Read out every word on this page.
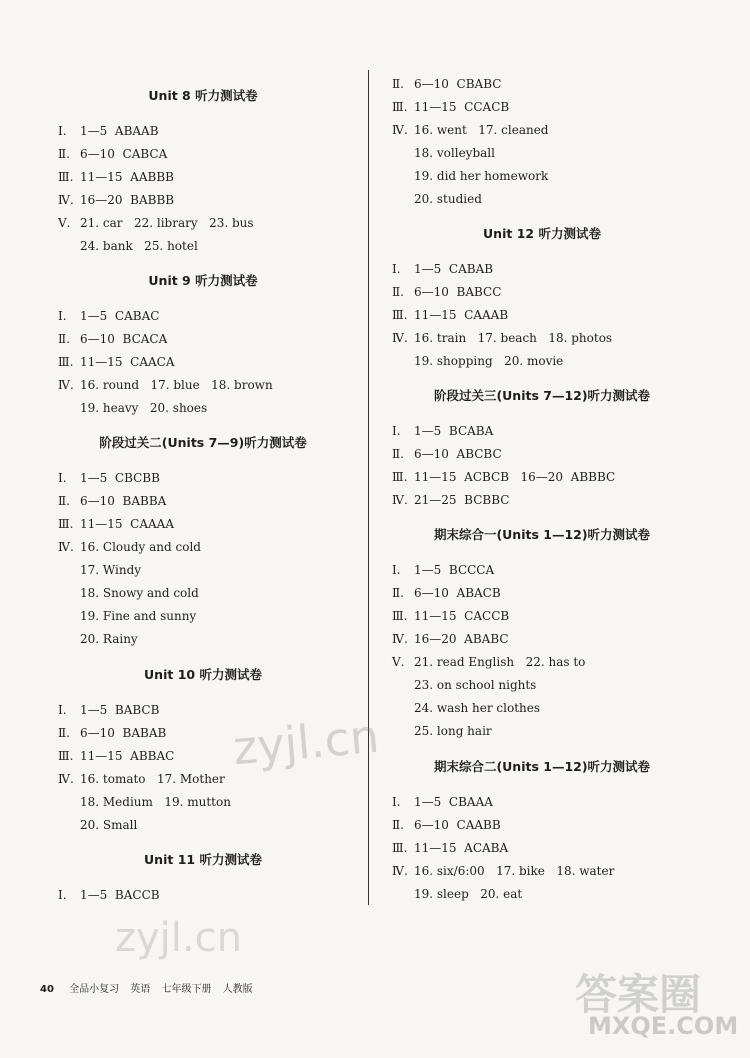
Unit 8 听力测试卷
Ⅰ. 1—5  ABAAB
Ⅱ. 6—10  CABCA
Ⅲ. 11—15  AABBB
Ⅳ. 16—20  BABBB
Ⅴ. 21. car   22. library   23. bus
24. bank   25. hotel
Unit 9 听力测试卷
Ⅰ. 1—5  CABAC
Ⅱ. 6—10  BCACA
Ⅲ. 11—15  CAACA
Ⅳ. 16. round   17. blue   18. brown
19. heavy   20. shoes
阶段过关二(Units 7—9)听力测试卷
Ⅰ. 1—5  CBCBB
Ⅱ. 6—10  BABBA
Ⅲ. 11—15  CAAAA
Ⅳ. 16. Cloudy and cold
17. Windy
18. Snowy and cold
19. Fine and sunny
20. Rainy
Unit 10 听力测试卷
Ⅰ. 1—5  BABCB
Ⅱ. 6—10  BABAB
Ⅲ. 11—15  ABBAC
Ⅳ. 16. tomato   17. Mother
18. Medium   19. mutton
20. Small
Unit 11 听力测试卷
Ⅰ. 1—5  BACCB
Ⅱ. 6—10  CBABC
Ⅲ. 11—15  CCACB
Ⅳ. 16. went   17. cleaned
18. volleyball
19. did her homework
20. studied
Unit 12 听力测试卷
Ⅰ. 1—5  CABAB
Ⅱ. 6—10  BABCC
Ⅲ. 11—15  CAAAB
Ⅳ. 16. train   17. beach   18. photos
19. shopping   20. movie
阶段过关三(Units 7—12)听力测试卷
Ⅰ. 1—5  BCABA
Ⅱ. 6—10  ABCBC
Ⅲ. 11—15  ACBCB   16—20  ABBBC
Ⅳ. 21—25  BCBBC
期末综合一(Units 1—12)听力测试卷
Ⅰ. 1—5  BCCCA
Ⅱ. 6—10  ABACB
Ⅲ. 11—15  CACCB
Ⅳ. 16—20  ABABC
Ⅴ. 21. read English   22. has to
23. on school nights
24. wash her clothes
25. long hair
期末综合二(Units 1—12)听力测试卷
Ⅰ. 1—5  CBAAA
Ⅱ. 6—10  CAABB
Ⅲ. 11—15  ACABA
Ⅳ. 16. six/6:00   17. bike   18. water
19. sleep   20. eat
40 全品小复习 英语 七年级下册 人教版
zyjl.cn
zyjl.cn
答案圈
MXQE.COM
